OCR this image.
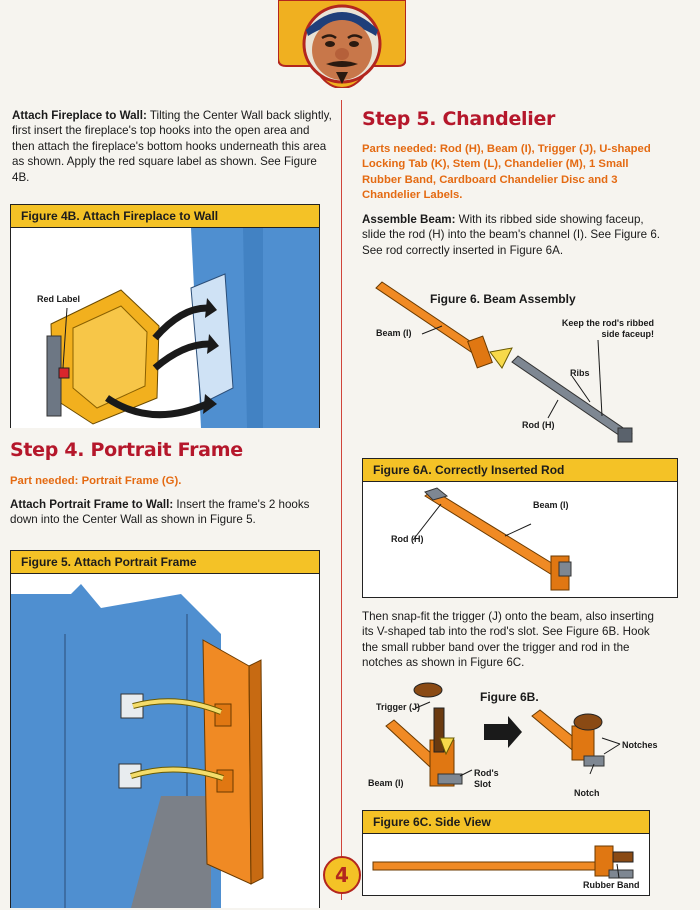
Attach Fireplace to Wall: Tilting the Center Wall back slightly, first insert the fireplace's top hooks into the open area and then attach the fireplace's bottom hooks underneath this area as shown. Apply the red square label as shown. See Figure 4B.
Figure 4B. Attach Fireplace to Wall
Red Label
Step 4. Portrait Frame
Part needed: Portrait Frame (G).
Attach Portrait Frame to Wall: Insert the frame's 2 hooks down into the Center Wall as shown in Figure 5.
Figure 5. Attach Portrait Frame
Step 5. Chandelier
Parts needed: Rod (H), Beam (I), Trigger (J), U-shaped Locking Tab (K), Stem (L), Chandelier (M), 1 Small Rubber Band, Cardboard Chandelier Disc and 3 Chandelier Labels.
Assemble Beam: With its ribbed side showing faceup, slide the rod (H) into the beam's channel (I). See Figure 6. See rod correctly inserted in Figure 6A.
Figure 6. Beam Assembly
Beam (I)
Keep the rod's ribbed side faceup!
Ribs
Rod (H)
Figure 6A. Correctly Inserted Rod
Beam (I)
Rod (H)
Then snap-fit the trigger (J) onto the beam, also inserting its V-shaped tab into the rod's slot. See Figure 6B. Hook the small rubber band over the trigger and rod in the notches as shown in Figure 6C.
Figure 6B.
Trigger (J)
Beam (I)
Rod's Slot
Notches
Notch
Figure 6C. Side View
Rubber Band
4
